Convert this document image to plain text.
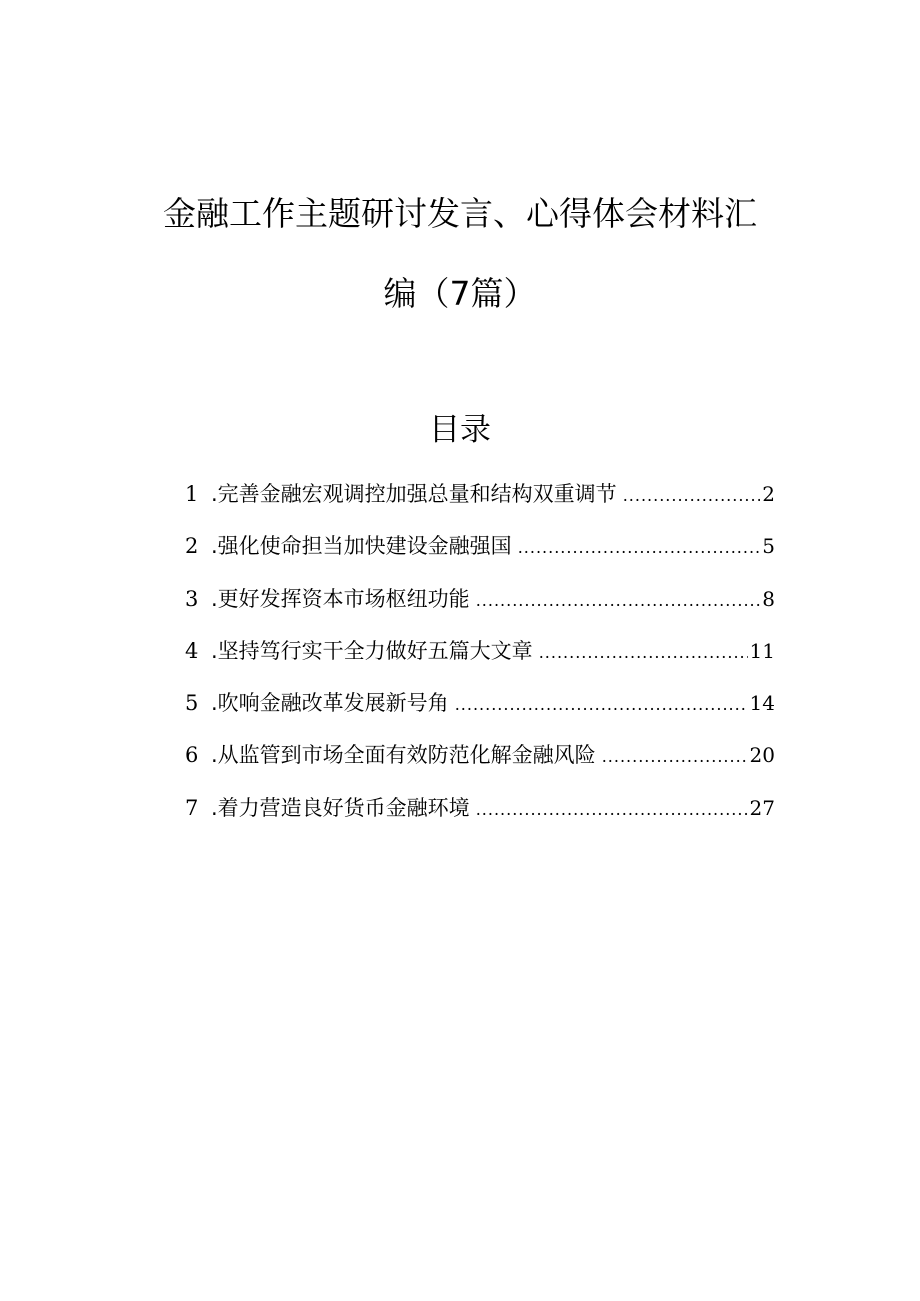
金融工作主题研讨发言、心得体会材料汇
编（7篇）
目录
1 .完善金融宏观调控加强总量和结构双重调节 .....	2
2 .强化使命担当加快建设金融强国 .....	5
3 .更好发挥资本市场枢纽功能 .....	8
4 .坚持笃行实干全力做好五篇大文章 .....	11
5 .吹响金融改革发展新号角 .....	14
6 .从监管到市场全面有效防范化解金融风险 .....	20
7 .着力营造良好货币金融环境 .....	27
